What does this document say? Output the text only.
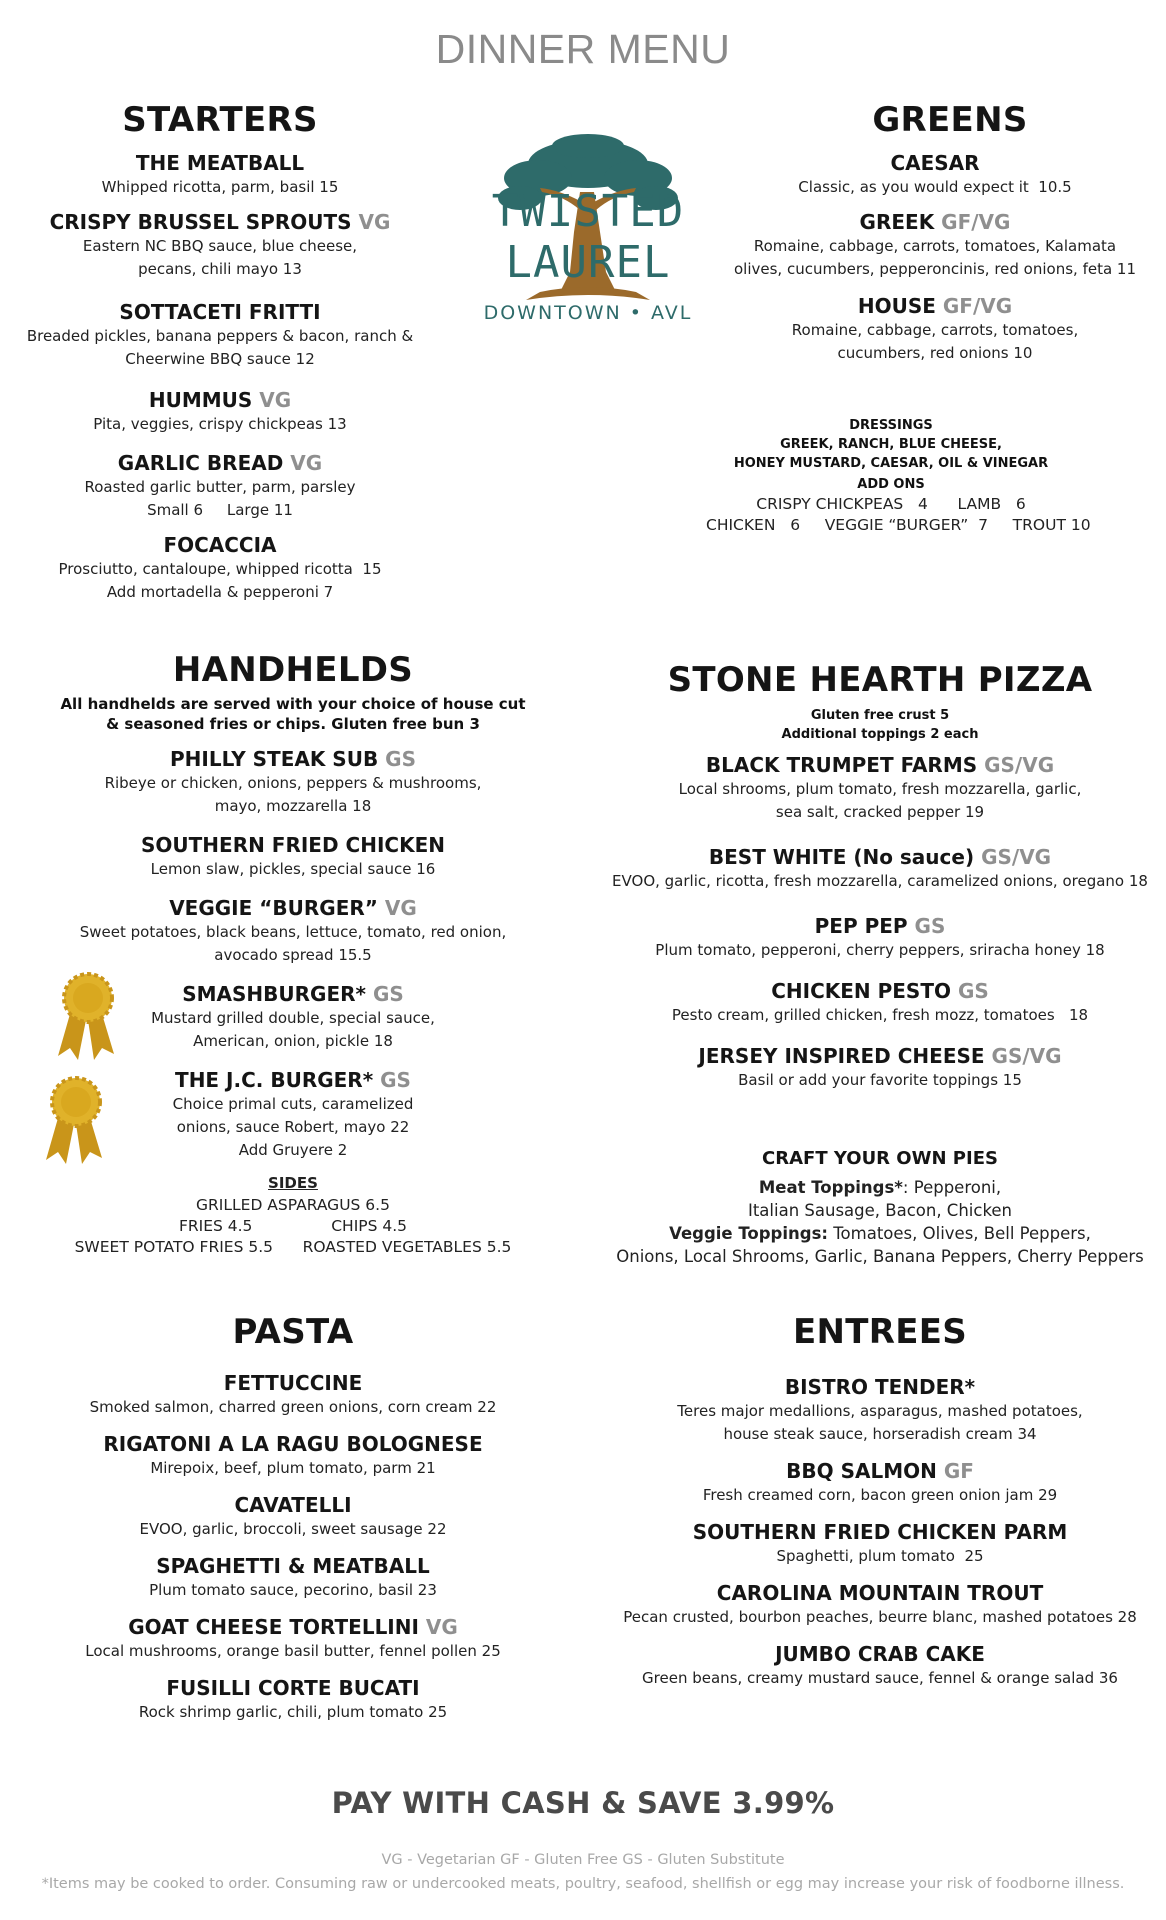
DINNER MENU
TWISTED LAUREL
DOWNTOWN • AVL
STARTERS
THE MEATBALL
Whipped ricotta, parm, basil 15
CRISPY BRUSSEL SPROUTS VG
Eastern NC BBQ sauce, blue cheese,
pecans, chili mayo 13
SOTTACETI FRITTI
Breaded pickles, banana peppers & bacon, ranch &
Cheerwine BBQ sauce 12
HUMMUS VG
Pita, veggies, crispy chickpeas 13
GARLIC BREAD VG
Roasted garlic butter, parm, parsley
Small 6     Large 11
FOCACCIA
Prosciutto, cantaloupe, whipped ricotta  15
Add mortadella & pepperoni 7
GREENS
CAESAR
Classic, as you would expect it  10.5
GREEK GF/VG
Romaine, cabbage, carrots, tomatoes, Kalamata
olives, cucumbers, pepperoncinis, red onions, feta 11
HOUSE GF/VG
Romaine, cabbage, carrots, tomatoes,
cucumbers, red onions 10
DRESSINGS
GREEK, RANCH, BLUE CHEESE,
HONEY MUSTARD, CAESAR, OIL & VINEGAR
ADD ONS
CRISPY CHICKPEAS   4      LAMB   6
CHICKEN   6     VEGGIE “BURGER”  7     TROUT 10
HANDHELDS
All handhelds are served with your choice of house cut
& seasoned fries or chips. Gluten free bun 3
PHILLY STEAK SUB GS
Ribeye or chicken, onions, peppers & mushrooms,
mayo, mozzarella 18
SOUTHERN FRIED CHICKEN
Lemon slaw, pickles, special sauce 16
VEGGIE “BURGER” VG
Sweet potatoes, black beans, lettuce, tomato, red onion,
avocado spread 15.5
SMASHBURGER* GS
Mustard grilled double, special sauce,
American, onion, pickle 18
THE J.C. BURGER* GS
Choice primal cuts, caramelized
onions, sauce Robert, mayo 22
Add Gruyere 2
SIDES
GRILLED ASPARAGUS 6.5
FRIES 4.5                CHIPS 4.5
SWEET POTATO FRIES 5.5      ROASTED VEGETABLES 5.5
STONE HEARTH PIZZA
Gluten free crust 5
Additional toppings 2 each
BLACK TRUMPET FARMS GS/VG
Local shrooms, plum tomato, fresh mozzarella, garlic,
sea salt, cracked pepper 19
BEST WHITE (No sauce) GS/VG
EVOO, garlic, ricotta, fresh mozzarella, caramelized onions, oregano 18
PEP PEP GS
Plum tomato, pepperoni, cherry peppers, sriracha honey 18
CHICKEN PESTO GS
Pesto cream, grilled chicken, fresh mozz, tomatoes   18
JERSEY INSPIRED CHEESE GS/VG
Basil or add your favorite toppings 15
CRAFT YOUR OWN PIES
Meat Toppings*: Pepperoni,
Italian Sausage, Bacon, Chicken
Veggie Toppings: Tomatoes, Olives, Bell Peppers,
Onions, Local Shrooms, Garlic, Banana Peppers, Cherry Peppers
PASTA
FETTUCCINE
Smoked salmon, charred green onions, corn cream 22
RIGATONI A LA RAGU BOLOGNESE
Mirepoix, beef, plum tomato, parm 21
CAVATELLI
EVOO, garlic, broccoli, sweet sausage 22
SPAGHETTI & MEATBALL
Plum tomato sauce, pecorino, basil 23
GOAT CHEESE TORTELLINI VG
Local mushrooms, orange basil butter, fennel pollen 25
FUSILLI CORTE BUCATI
Rock shrimp garlic, chili, plum tomato 25
ENTREES
BISTRO TENDER*
Teres major medallions, asparagus, mashed potatoes,
house steak sauce, horseradish cream 34
BBQ SALMON GF
Fresh creamed corn, bacon green onion jam 29
SOUTHERN FRIED CHICKEN PARM
Spaghetti, plum tomato  25
CAROLINA MOUNTAIN TROUT
Pecan crusted, bourbon peaches, beurre blanc, mashed potatoes 28
JUMBO CRAB CAKE
Green beans, creamy mustard sauce, fennel & orange salad 36
PAY WITH CASH & SAVE 3.99%
VG - Vegetarian GF - Gluten Free GS - Gluten Substitute
*Items may be cooked to order. Consuming raw or undercooked meats, poultry, seafood, shellfish or egg may increase your risk of foodborne illness.
